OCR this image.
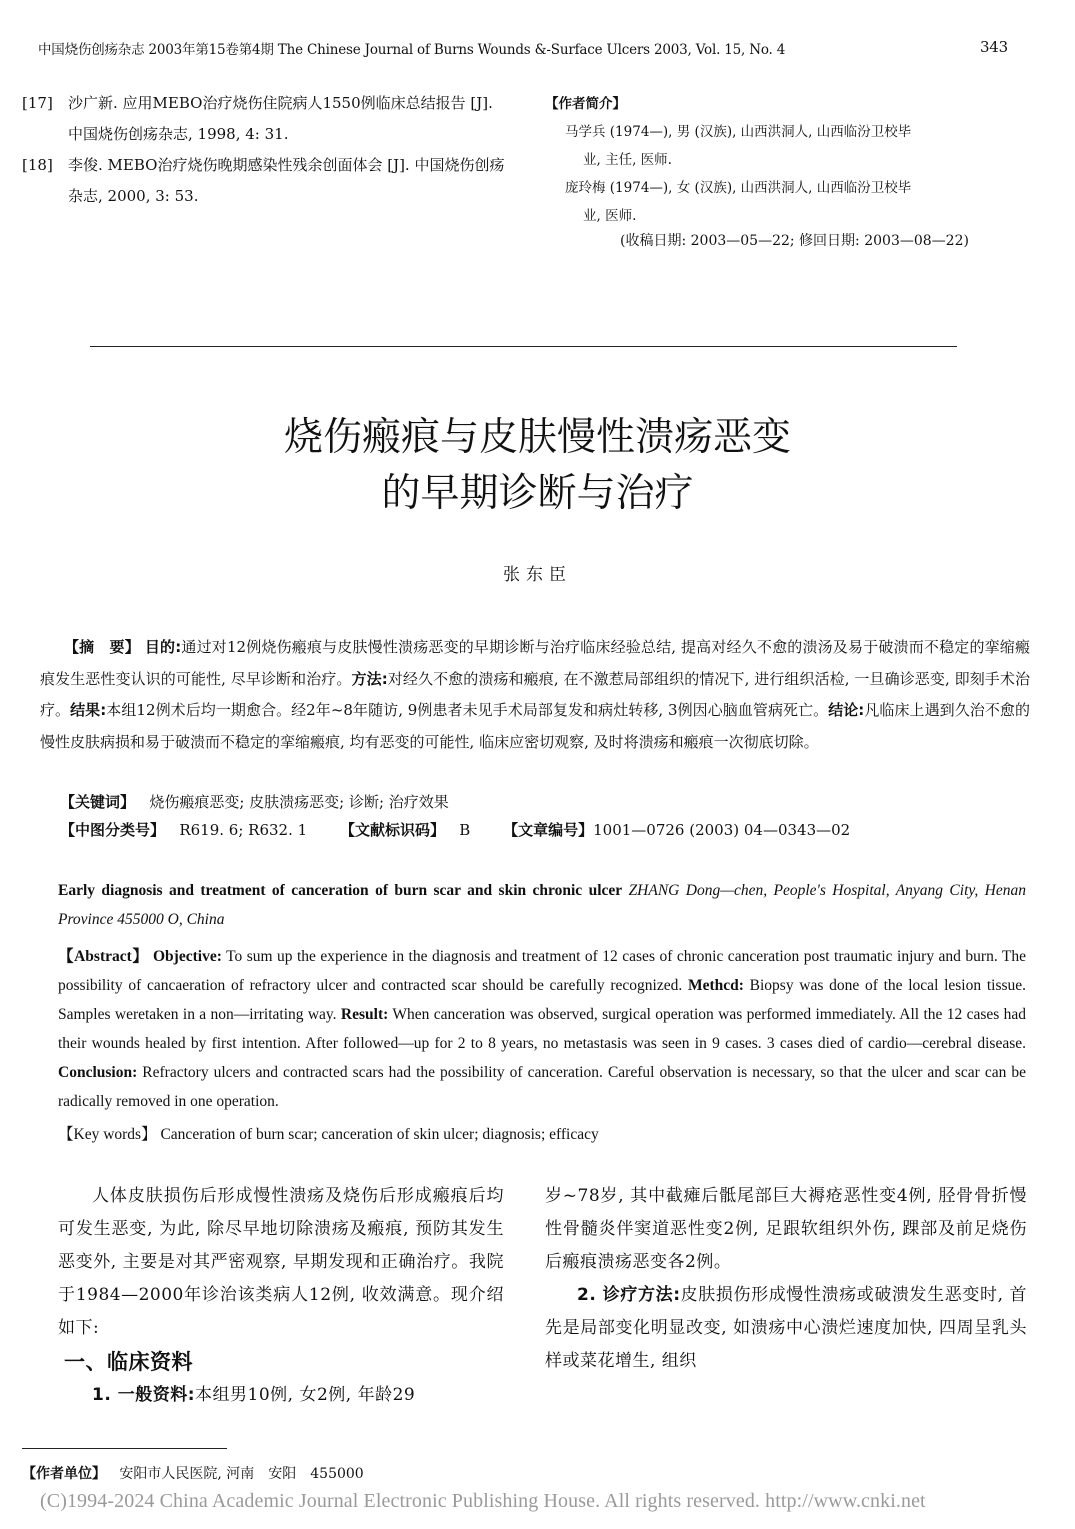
中国烧伤创疡杂志 2003年第15卷第4期 The Chinese Journal of Burns Wounds &-Surface Ulcers 2003, Vol. 15, No. 4	343
[17] 沙广新. 应用MEBO治疗烧伤住院病人1550例临床总结报告 [J]. 中国烧伤创疡杂志, 1998, 4: 31.
[18] 李俊. MEBO治疗烧伤晚期感染性残余创面体会 [J]. 中国烧伤创疡杂志, 2000, 3: 53.
【作者简介】
马学兵 (1974—), 男 (汉族), 山西洪洞人, 山西临汾卫校毕
业, 主任, 医师.
庞玲梅 (1974—), 女 (汉族), 山西洪洞人, 山西临汾卫校毕
业, 医师.
(收稿日期: 2003—05—22; 修回日期: 2003—08—22)
烧伤瘢痕与皮肤慢性溃疡恶变
的早期诊断与治疗
张东臣

【摘　要】 目的:通过对12例烧伤瘢痕与皮肤慢性溃疡恶变的早期诊断与治疗临床经验总结, 提高对经久不愈的溃汤及易于破溃而不稳定的挛缩瘢痕发生恶性变认识的可能性, 尽早诊断和治疗。方法:对经久不愈的溃疡和瘢痕, 在不激惹局部组织的情况下, 进行组织活检, 一旦确诊恶变, 即刻手术治疗。结果:本组12例术后均一期愈合。经2年~8年随访, 9例患者未见手术局部复发和病灶转移, 3例因心脑血管病死亡。结论:凡临床上遇到久治不愈的慢性皮肤病损和易于破溃而不稳定的挛缩瘢痕, 均有恶变的可能性, 临床应密切观察, 及时将溃疡和瘢痕一次彻底切除。

【关键词】 烧伤瘢痕恶变; 皮肤溃疡恶变; 诊断; 治疗效果
【中图分类号】 R619. 6; R632. 1 【文献标识码】 B 【文章编号】1001—0726 (2003) 04—0343—02

Early diagnosis and treatment of canceration of burn scar and skin chronic ulcer ZHANG Dong—chen, People's Hospital, Anyang City, Henan Province 455000 O, China

【Abstract】 Objective: To sum up the experience in the diagnosis and treatment of 12 cases of chronic canceration post traumatic injury and burn. The possibility of cancaeration of refractory ulcer and contracted scar should be carefully recognized. Methcd: Biopsy was done of the local lesion tissue. Samples weretaken in a non—irritating way. Result: When canceration was observed, surgical operation was performed immediately. All the 12 cases had their wounds healed by first intention. After followed—up for 2 to 8 years, no metastasis was seen in 9 cases. 3 cases died of cardio—cerebral disease. Conclusion: Refractory ulcers and contracted scars had the possibility of canceration. Careful observation is necessary, so that the ulcer and scar can be radically removed in one operation.

【Key words】 Canceration of burn scar; canceration of skin ulcer; diagnosis; efficacy

人体皮肤损伤后形成慢性溃疡及烧伤后形成瘢痕后均可发生恶变, 为此, 除尽早地切除溃疡及瘢痕, 预防其发生恶变外, 主要是对其严密观察, 早期发现和正确治疗。我院于1984—2000年诊治该类病人12例, 收效满意。现介绍如下:

一、临床资料

1. 一般资料:本组男10例, 女2例, 年龄29

岁~78岁, 其中截瘫后骶尾部巨大褥疮恶性变4例, 胫骨骨折慢性骨髓炎伴窦道恶性变2例, 足跟软组织外伤, 踝部及前足烧伤后瘢痕溃疡恶变各2例。

2. 诊疗方法:皮肤损伤形成慢性溃疡或破溃发生恶变时, 首先是局部变化明显改变, 如溃疡中心溃烂速度加快, 四周呈乳头样或菜花增生, 组织

【作者单位】 安阳市人民医院, 河南　安阳　455000
(C)1994-2024 China Academic Journal Electronic Publishing House. All rights reserved. http://www.cnki.net
